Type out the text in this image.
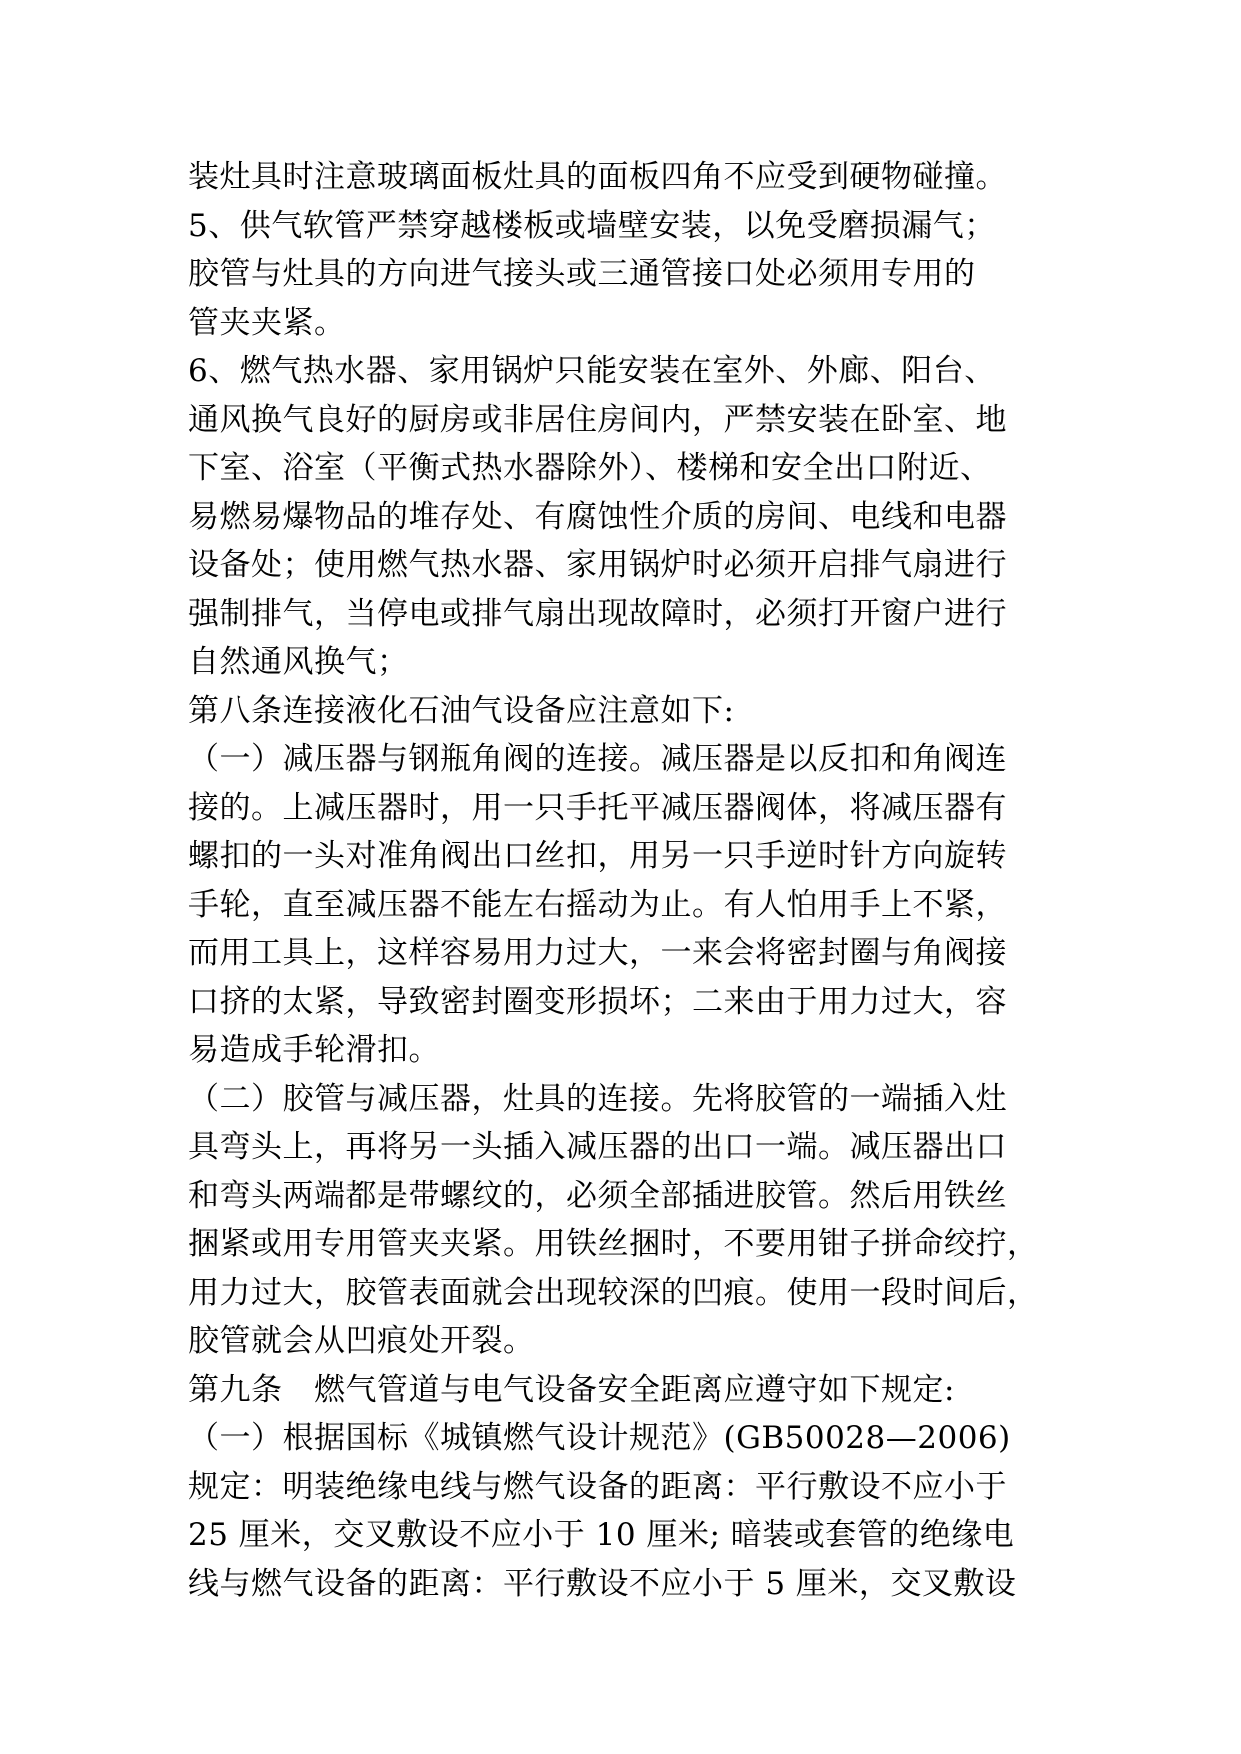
装灶具时注意玻璃面板灶具的面板四角不应受到硬物碰撞。
5、供气软管严禁穿越楼板或墙壁安装，以免受磨损漏气；
胶管与灶具的方向进气接头或三通管接口处必须用专用的
管夹夹紧。
6、燃气热水器、家用锅炉只能安装在室外、外廊、阳台、
通风换气良好的厨房或非居住房间内，严禁安装在卧室、地
下室、浴室（平衡式热水器除外）、楼梯和安全出口附近、
易燃易爆物品的堆存处、有腐蚀性介质的房间、电线和电器
设备处；使用燃气热水器、家用锅炉时必须开启排气扇进行
强制排气，当停电或排气扇出现故障时，必须打开窗户进行
自然通风换气；
第八条连接液化石油气设备应注意如下:
（一）减压器与钢瓶角阀的连接。减压器是以反扣和角阀连
接的。上减压器时，用一只手托平减压器阀体，将减压器有
螺扣的一头对准角阀出口丝扣，用另一只手逆时针方向旋转
手轮，直至减压器不能左右摇动为止。有人怕用手上不紧，
而用工具上，这样容易用力过大，一来会将密封圈与角阀接
口挤的太紧，导致密封圈变形损坏；二来由于用力过大，容
易造成手轮滑扣。
（二）胶管与减压器，灶具的连接。先将胶管的一端插入灶
具弯头上，再将另一头插入减压器的出口一端。减压器出口
和弯头两端都是带螺纹的，必须全部插进胶管。然后用铁丝
捆紧或用专用管夹夹紧。用铁丝捆时，不要用钳子拼命绞拧，
用力过大，胶管表面就会出现较深的凹痕。使用一段时间后，
胶管就会从凹痕处开裂。
第九条　燃气管道与电气设备安全距离应遵守如下规定:
（一）根据国标《城镇燃气设计规范》(GB50028—2006)
规定：明装绝缘电线与燃气设备的距离：平行敷设不应小于
25 厘米，交叉敷设不应小于 10 厘米; 暗装或套管的绝缘电
线与燃气设备的距离：平行敷设不应小于 5 厘米，交叉敷设
